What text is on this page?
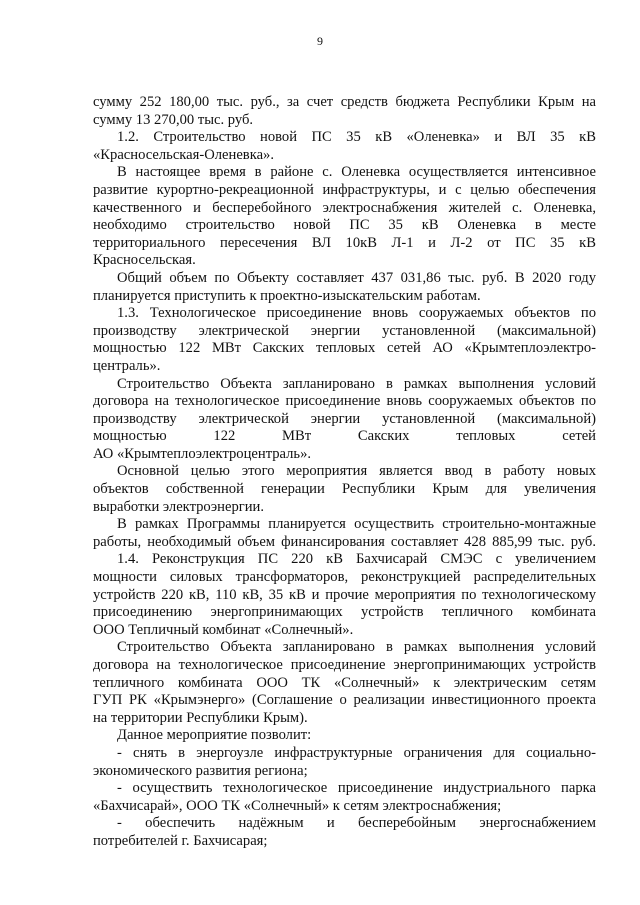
9
сумму 252 180,00 тыс. руб., за счет средств бюджета Республики Крым на
сумму 13 270,00 тыс. руб.
1.2. Строительство новой ПС 35 кВ «Оленевка» и ВЛ 35 кВ
«Красносельская-Оленевка».
В настоящее время в районе с. Оленевка осуществляется интенсивное
развитие курортно-рекреационной инфраструктуры, и с целью обеспечения
качественного и бесперебойного электроснабжения жителей с. Оленевка,
необходимо строительство новой ПС 35 кВ Оленевка в месте
территориального пересечения ВЛ 10кВ Л-1 и Л-2 от ПС 35 кВ
Красносельская.
Общий объем по Объекту составляет 437 031,86 тыс. руб. В 2020 году
планируется приступить к проектно-изыскательским работам.
1.3. Технологическое присоединение вновь сооружаемых объектов по
производству электрической энергии установленной (максимальной)
мощностью 122 МВт Сакских тепловых сетей АО «Крымтеплоэлектро-
централь».
Строительство Объекта запланировано в рамках выполнения условий
договора на технологическое присоединение вновь сооружаемых объектов по
производству электрической энергии установленной (максимальной)
мощностью 122 МВт Сакских тепловых сетей
АО «Крымтеплоэлектроцентраль».
Основной целью этого мероприятия является ввод в работу новых
объектов собственной генерации Республики Крым для увеличения
выработки электроэнергии.
В рамках Программы планируется осуществить строительно-монтажные
работы, необходимый объем финансирования составляет 428 885,99 тыс. руб.
1.4. Реконструкция ПС 220 кВ Бахчисарай СМЭС с увеличением
мощности силовых трансформаторов, реконструкцией распределительных
устройств 220 кВ, 110 кВ, 35 кВ и прочие мероприятия по технологическому
присоединению энергопринимающих устройств тепличного комбината
ООО Тепличный комбинат «Солнечный».
Строительство Объекта запланировано в рамках выполнения условий
договора на технологическое присоединение энергопринимающих устройств
тепличного комбината ООО ТК «Солнечный» к электрическим сетям
ГУП РК «Крымэнерго» (Соглашение о реализации инвестиционного проекта
на территории Республики Крым).
Данное мероприятие позволит:
- снять в энергоузле инфраструктурные ограничения для социально-
экономического развития региона;
- осуществить технологическое присоединение индустриального парка
«Бахчисарай», ООО ТК «Солнечный» к сетям электроснабжения;
- обеспечить надёжным и бесперебойным энергоснабжением
потребителей г. Бахчисарая;
